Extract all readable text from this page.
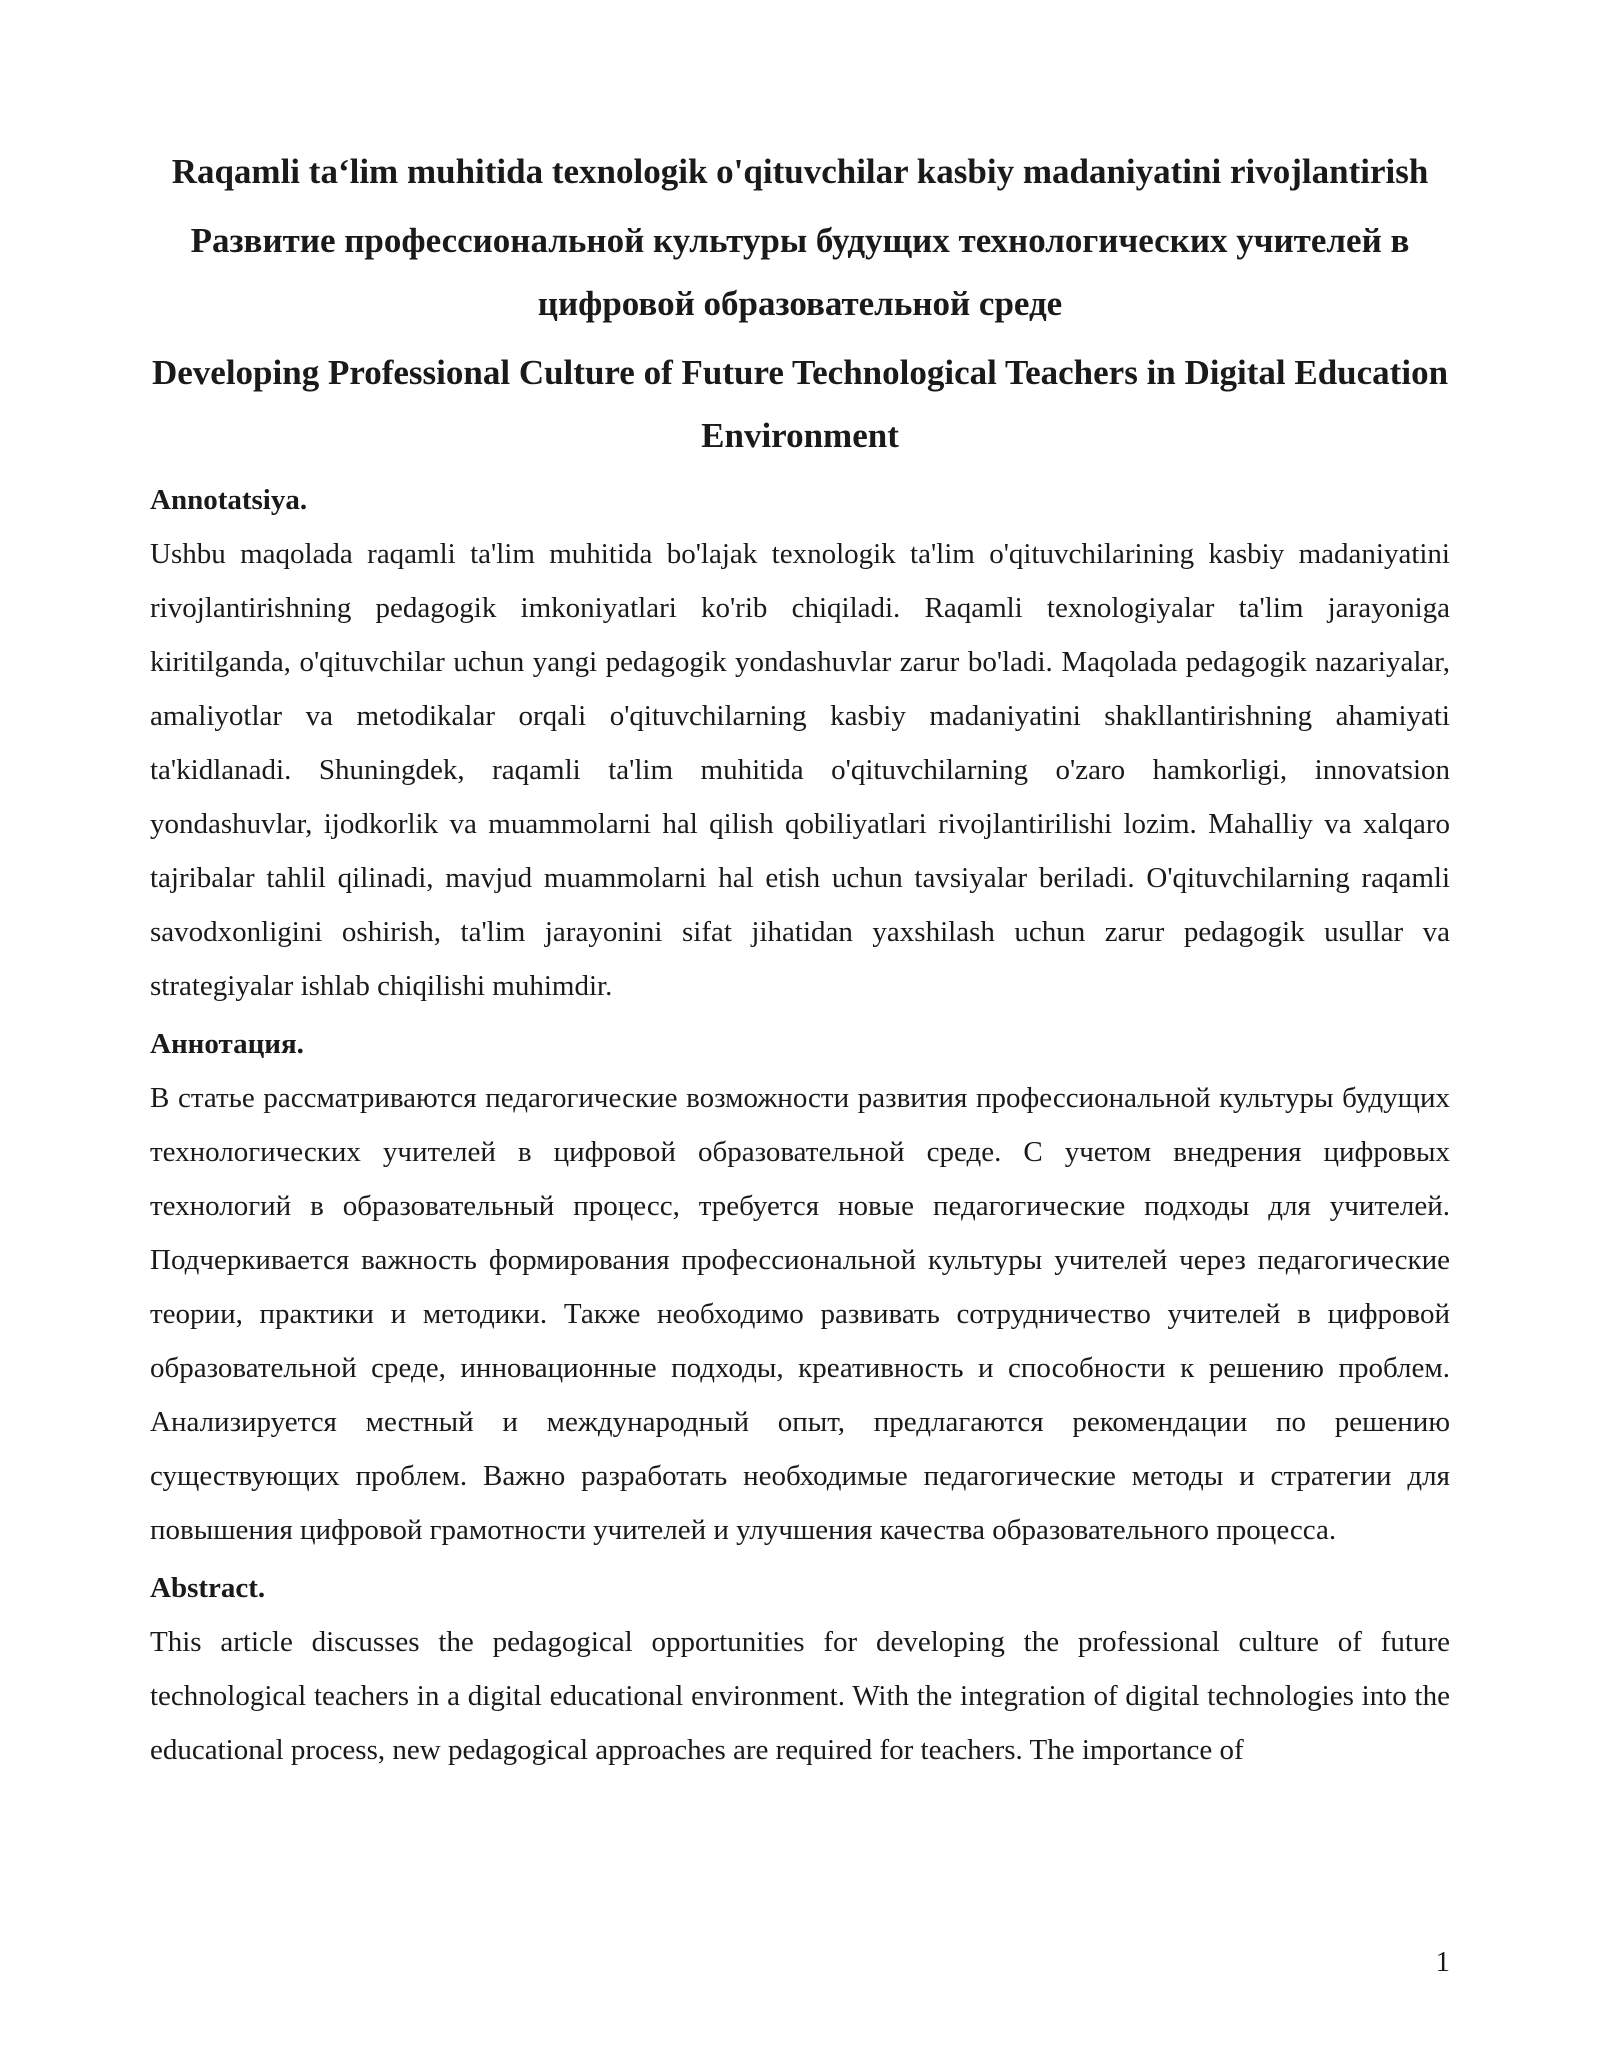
Raqamli ta‘lim muhitida texnologik o'qituvchilar kasbiy madaniyatini rivojlantirish

Развитие профессиональной культуры будущих технологических учителей в цифровой образовательной среде

Developing Professional Culture of Future Technological Teachers in Digital Education Environment

Annotatsiya.

Ushbu maqolada raqamli ta'lim muhitida bo'lajak texnologik ta'lim o'qituvchilarining kasbiy madaniyatini rivojlantirishning pedagogik imkoniyatlari ko'rib chiqiladi. Raqamli texnologiyalar ta'lim jarayoniga kiritilganda, o'qituvchilar uchun yangi pedagogik yondashuvlar zarur bo'ladi. Maqolada pedagogik nazariyalar, amaliyotlar va metodikalar orqali o'qituvchilarning kasbiy madaniyatini shakllantirishning ahamiyati ta'kidlanadi. Shuningdek, raqamli ta'lim muhitida o'qituvchilarning o'zaro hamkorligi, innovatsion yondashuvlar, ijodkorlik va muammolarni hal qilish qobiliyatlari rivojlantirilishi lozim. Mahalliy va xalqaro tajribalar tahlil qilinadi, mavjud muammolarni hal etish uchun tavsiyalar beriladi. O'qituvchilarning raqamli savodxonligini oshirish, ta'lim jarayonini sifat jihatidan yaxshilash uchun zarur pedagogik usullar va strategiyalar ishlab chiqilishi muhimdir.

Аннотация.

В статье рассматриваются педагогические возможности развития профессиональной культуры будущих технологических учителей в цифровой образовательной среде. С учетом внедрения цифровых технологий в образовательный процесс, требуется новые педагогические подходы для учителей. Подчеркивается важность формирования профессиональной культуры учителей через педагогические теории, практики и методики. Также необходимо развивать сотрудничество учителей в цифровой образовательной среде, инновационные подходы, креативность и способности к решению проблем. Анализируется местный и международный опыт, предлагаются рекомендации по решению существующих проблем. Важно разработать необходимые педагогические методы и стратегии для повышения цифровой грамотности учителей и улучшения качества образовательного процесса.

Abstract.

This article discusses the pedagogical opportunities for developing the professional culture of future technological teachers in a digital educational environment. With the integration of digital technologies into the educational process, new pedagogical approaches are required for teachers. The importance of

1
